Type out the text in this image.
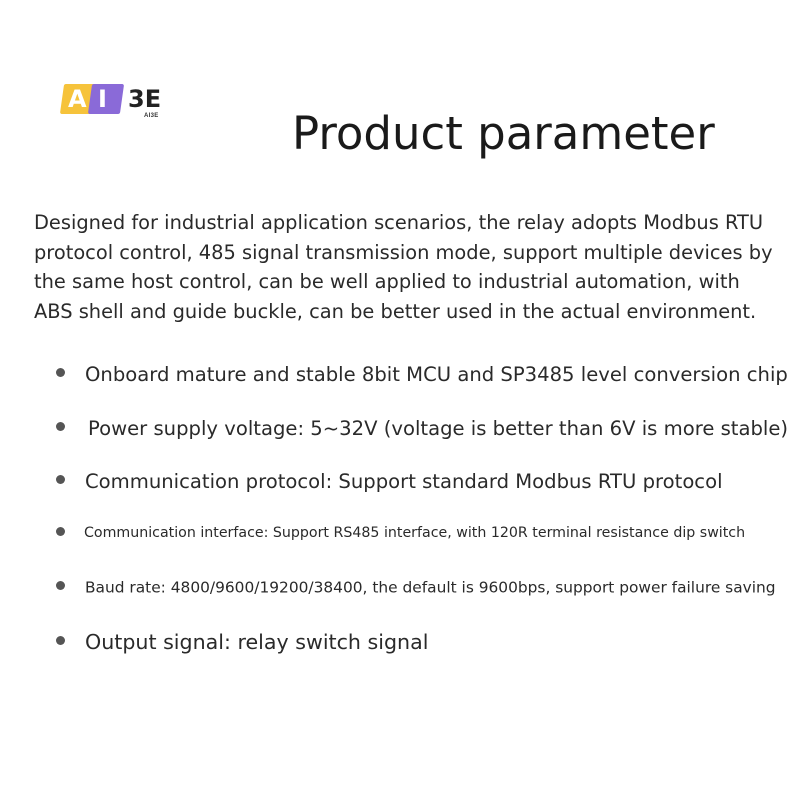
A I 3E
AI3E	Product parameter

Designed for industrial application scenarios, the relay adopts Modbus RTU protocol control, 485 signal transmission mode, support multiple devices by the same host control, can be well applied to industrial automation, with ABS shell and guide buckle, can be better used in the actual environment.

Onboard mature and stable 8bit MCU and SP3485 level conversion chip
Power supply voltage: 5~32V (voltage is better than 6V is more stable)
Communication protocol: Support standard Modbus RTU protocol
Communication interface: Support RS485 interface, with 120R terminal resistance dip switch
Baud rate: 4800/9600/19200/38400, the default is 9600bps, support power failure saving
Output signal: relay switch signal
